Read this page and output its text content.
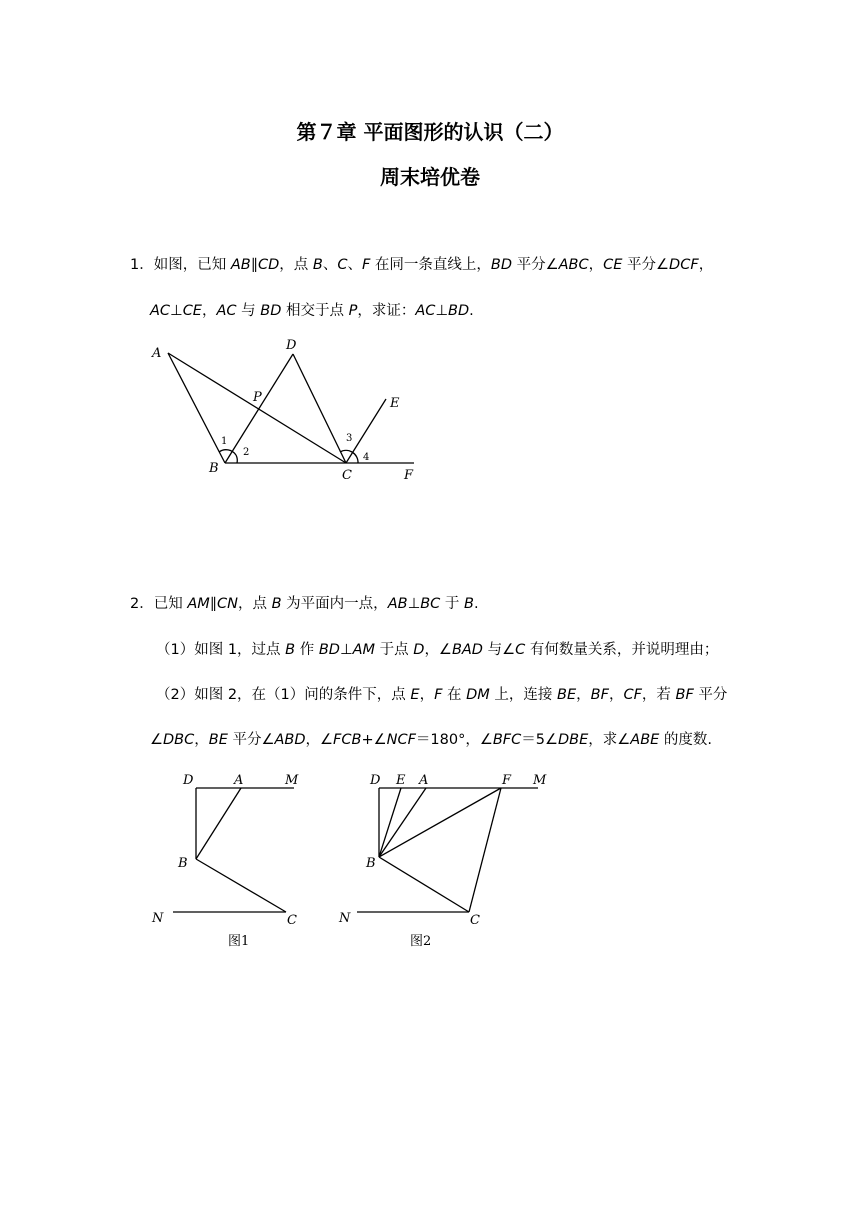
第７章 平面图形的认识（二）
周末培优卷
1．如图，已知 AB∥CD，点 B、C、F 在同一条直线上，BD 平分∠ABC，CE 平分∠DCF，
AC⊥CE，AC 与 BD 相交于点 P，求证：AC⊥BD.
A
D
P	E
B	C	F
1
2
3
4
2．已知 AM∥CN，点 B 为平面内一点，AB⊥BC 于 B.
（1）如图 1，过点 B 作 BD⊥AM 于点 D，∠BAD 与∠C 有何数量关系，并说明理由；
（2）如图 2，在（1）问的条件下，点 E，F 在 DM 上，连接 BE，BF，CF，若 BF 平分
∠DBC，BE 平分∠ABD，∠FCB+∠NCF＝180°，∠BFC＝5∠DBE，求∠ABE 的度数.
D	A	M
B
N	C
图1
D E A	F M
B
N	C
图2
